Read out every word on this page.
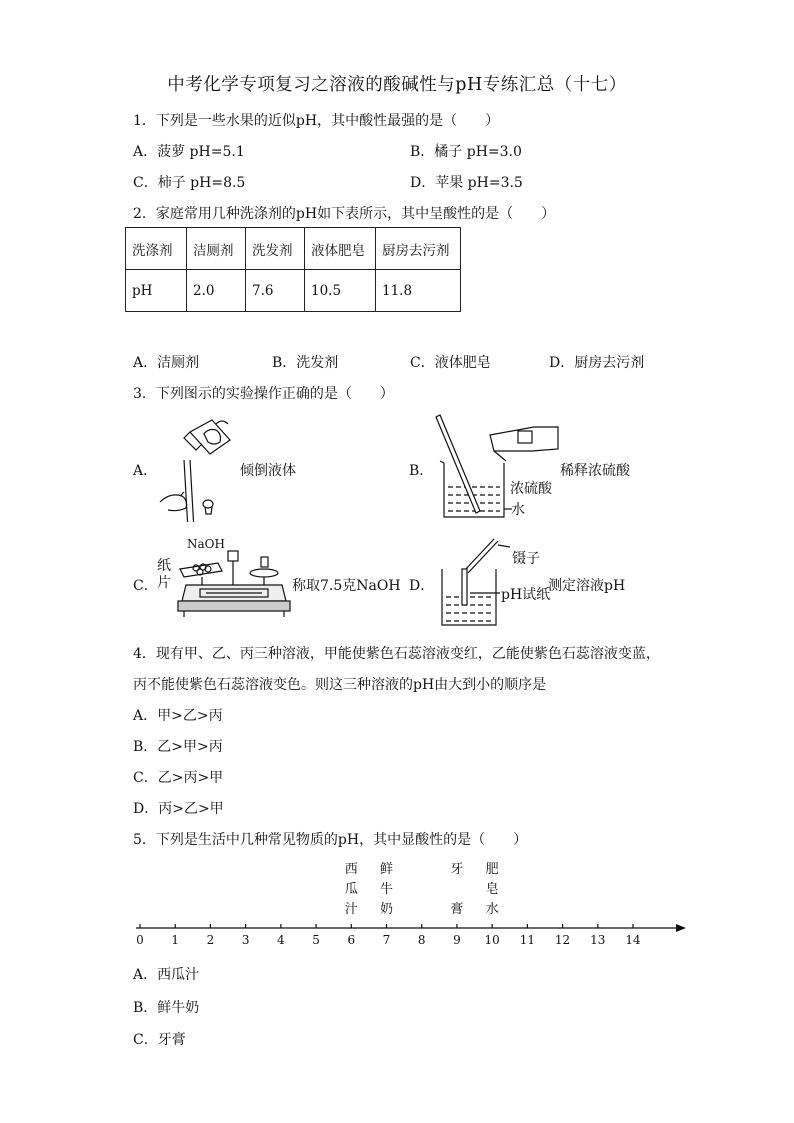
中考化学专项复习之溶液的酸碱性与pH专练汇总（十七）
1．下列是一些水果的近似pH，其中酸性最强的是（　　）
A．菠萝 pH=5.1	B．橘子 pH=3.0
C．柿子 pH=8.5	D．苹果 pH=3.5
2．家庭常用几种洗涤剂的pH如下表所示，其中呈酸性的是（　　）
洗涤剂	洁厕剂	洗发剂	液体肥皂	厨房去污剂
pH	2.0	7.6	10.5	11.8
A．洁厕剂	B．洗发剂	C．液体肥皂	D．厨房去污剂
3．下列图示的实验操作正确的是（　　）
A．	倾倒液体	B．	稀释浓硫酸
浓硫酸
水
C．
NaOH
纸
片	称取7.5克NaOH D．
镊子
pH试纸
测定溶液pH
4．现有甲、乙、丙三种溶液，甲能使紫色石蕊溶液变红，乙能使紫色石蕊溶液变蓝，
丙不能使紫色石蕊溶液变色。则这三种溶液的pH由大到小的顺序是
A．甲>乙>丙
B．乙>甲>丙
C．乙>丙>甲
D．丙>乙>甲
5．下列是生活中几种常见物质的pH，其中显酸性的是（　　）
西
瓜
汁
鲜
牛
奶
牙
膏
肥
皂
水
0	1	2	3	4	5	6	7	8	9	10 11 12 13 14
A．西瓜汁
B．鲜牛奶
C．牙膏
